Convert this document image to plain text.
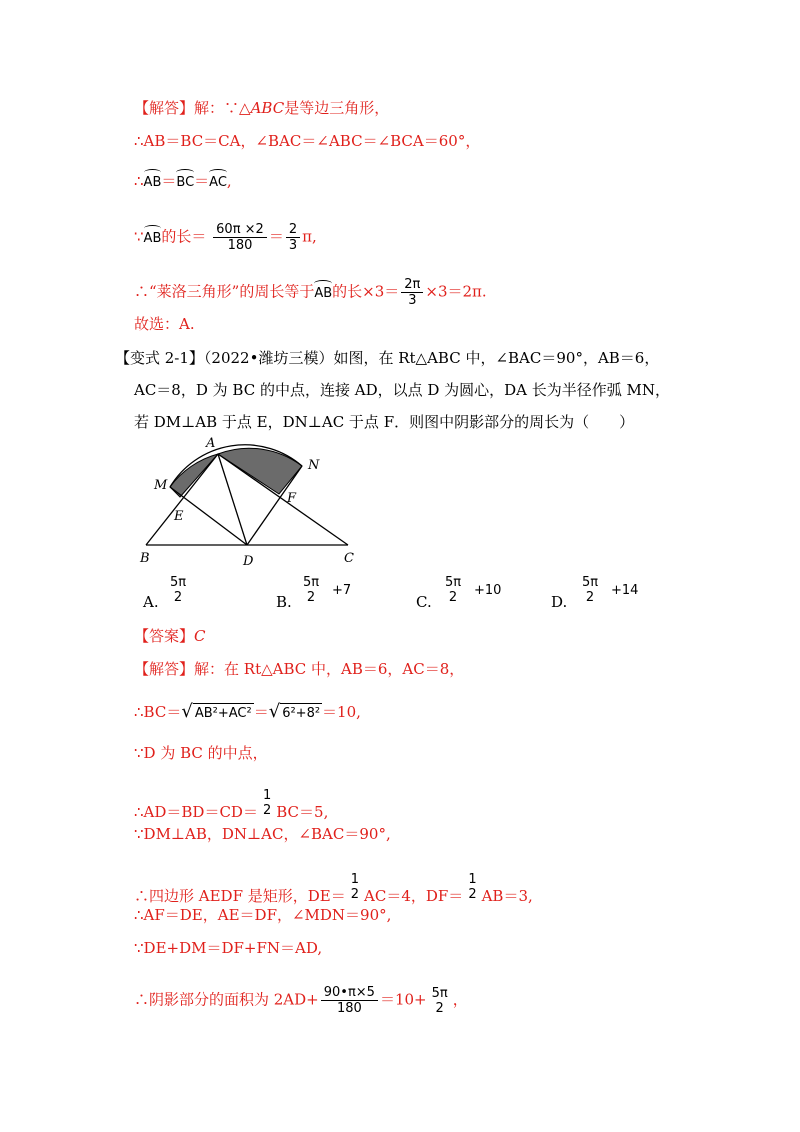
【解答】解：∵△ABC是等边三角形，
∴AB＝BC＝CA，∠BAC＝∠ABC＝∠BCA＝60°，
∴AB＝BC＝AC,
∵AB的长＝ $\frac{60\pi \times 2}{180} = \frac{2}{3} \pi$,
∴“莱洛三角形”的周长等于AB的长$\times 3= \frac{2\pi}{3} \times 3=2\pi$.
故选：A.
【变式 2-1】（2022•潍坊三模）如图，在 Rt△ABC 中，∠BAC＝90°，AB＝6，
AC＝8，D 为 BC 的中点，连接 AD，以点 D 为圆心，DA 长为半径作弧 MN，
若 DM⊥AB 于点 E，DN⊥AC 于点 F．则图中阴影部分的周长为（　　）
A
B	C
D
E
F
M
N
A.
5π
2	B.
5π
2	+7
C.
5π
2	+10
D.
5π
2	+14
【答案】C
【解答】解：在 Rt△ABC 中，AB＝6，AC＝8，
∴BC＝√ AB²+AC² ＝√ 6²+8² ＝10,
∵D 为 BC 的中点，
∴AD＝BD＝CD＝
1
2 BC＝5,
∵DM⊥AB，DN⊥AC，∠BAC＝90°,
∴四边形 AEDF 是矩形，DE＝
1
2 AC＝4，DF＝
1
2 AB＝3,
∴AF＝DE，AE＝DF，∠MDN＝90°,
∵DE+DM＝DF+FN＝AD,
∴阴影部分的面积为 $2AD+ \frac{90•\pi\times 5}{180} =10+ 5\pi$
2 ，
